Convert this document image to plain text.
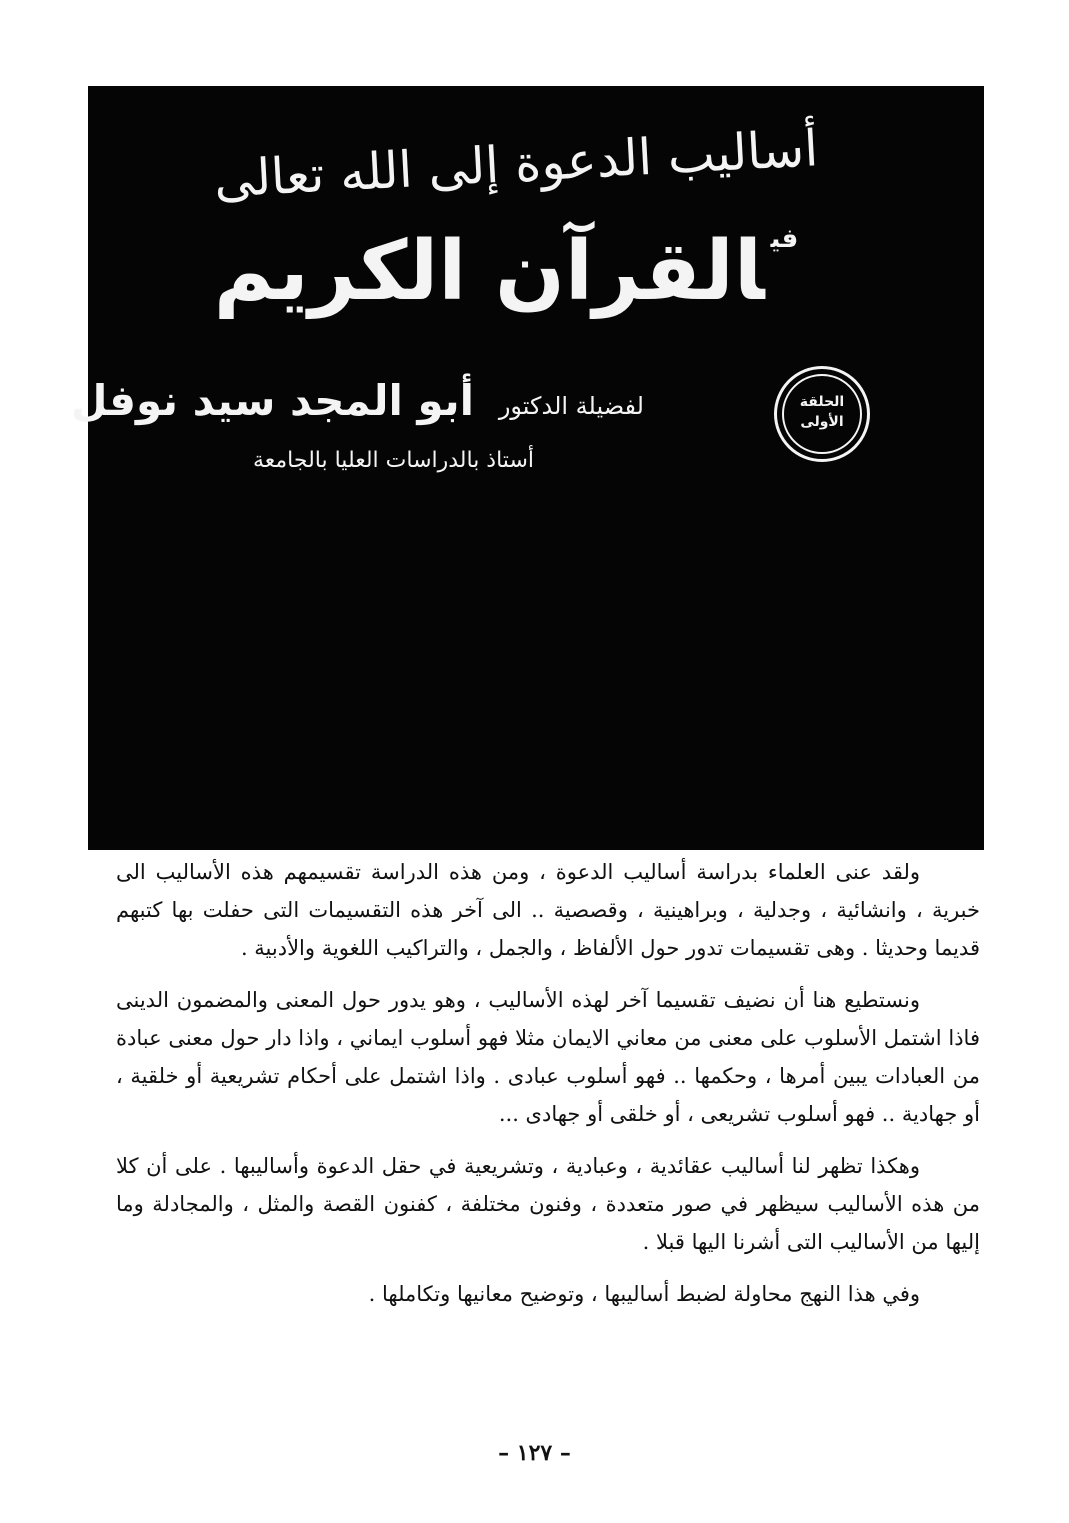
أساليب الدعوة إلى الله تعالى
$^{في}$القرآن الكريم
لفضيلة الدكتور
أبو المجد سيد نوفل
أستاذ بالدراسات العليا بالجامعة
الحلقة
الأولى

ولقد عنى العلماء بدراسة أساليب الدعوة ، ومن هذه الدراسة تقسيمهم هذه الأساليب الى خبرية ، وانشائية ، وجدلية ، وبراهينية ، وقصصية .. الى آخر هذه التقسيمات التى حفلت بها كتبهم قديما وحديثا . وهى تقسيمات تدور حول الألفاظ ، والجمل ، والتراكيب اللغوية والأدبية .

ونستطيع هنا أن نضيف تقسيما آخر لهذه الأساليب ، وهو يدور حول المعنى والمضمون الدينى فاذا اشتمل الأسلوب على معنى من معاني الايمان مثلا فهو أسلوب ايماني ، واذا دار حول معنى عبادة من العبادات يبين أمرها ، وحكمها .. فهو أسلوب عبادى . واذا اشتمل على أحكام تشريعية أو خلقية ، أو جهادية .. فهو أسلوب تشريعى ، أو خلقى أو جهادى ...

وهكذا تظهر لنا أساليب عقائدية ، وعبادية ، وتشريعية في حقل الدعوة وأساليبها . على أن كلا من هذه الأساليب سيظهر في صور متعددة ، وفنون مختلفة ، كفنون القصة والمثل ، والمجادلة وما إليها من الأساليب التى أشرنا اليها قبلا .

وفي هذا النهج محاولة لضبط أساليبها ، وتوضيح معانيها وتكاملها .

– ١٢٧ –
